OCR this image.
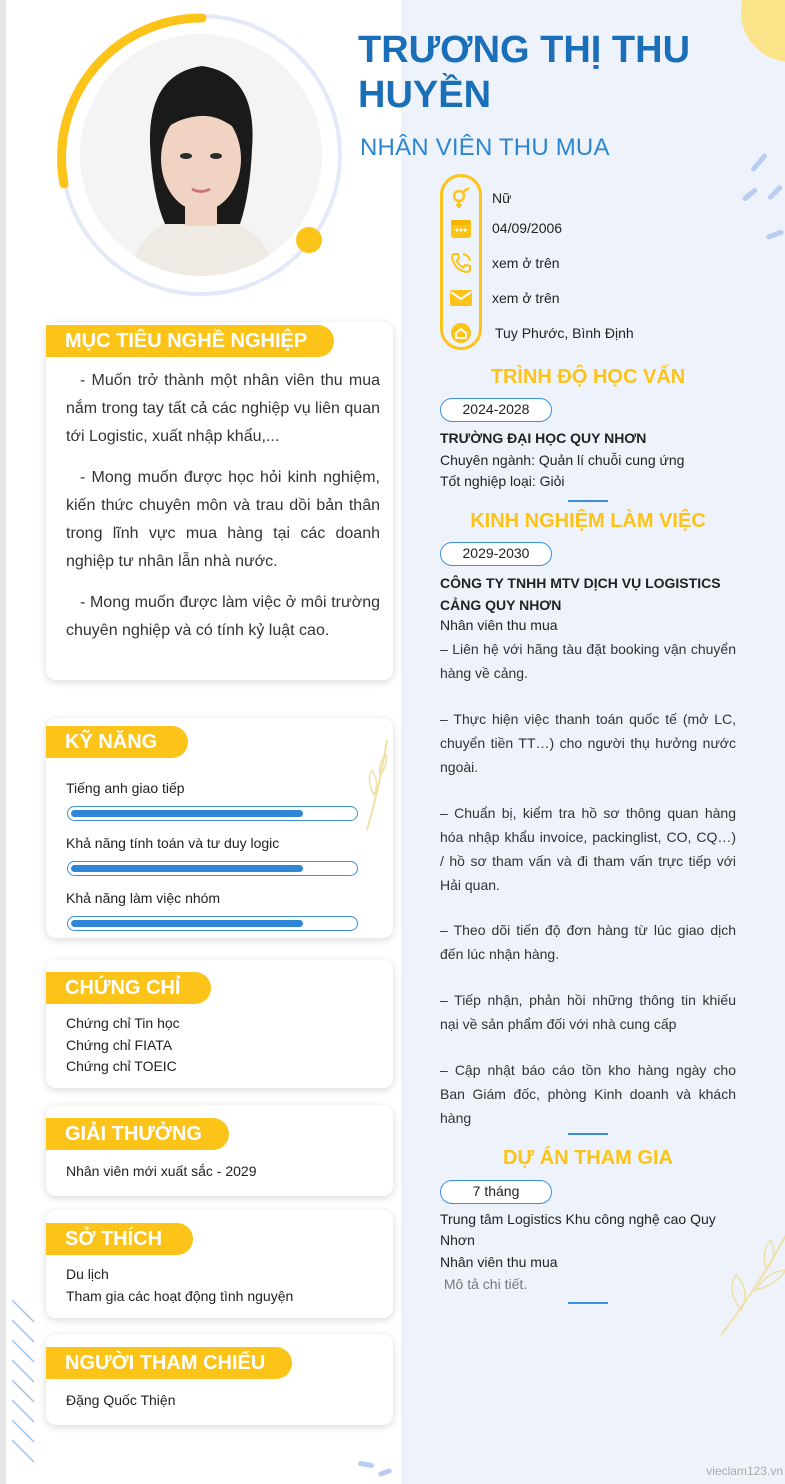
TRƯƠNG THỊ THU HUYỀN
NHÂN VIÊN THU MUA
Nữ
04/09/2006
xem ở trên
xem ở trên
Tuy Phước, Bình Định

- Muốn trở thành một nhân viên thu mua nắm trong tay tất cả các nghiệp vụ liên quan tới Logistic, xuất nhập khẩu,...

- Mong muốn được học hỏi kinh nghiệm, kiến thức chuyên môn và trau dồi bản thân trong lĩnh vực mua hàng tại các doanh nghiệp tư nhân lẫn nhà nước.

- Mong muốn được làm việc ở môi trường chuyên nghiệp và có tính kỷ luật cao.

MỤC TIÊU NGHỀ NGHIỆP
KỸ NĂNG
Tiếng anh giao tiếp
Khả năng tính toán và tư duy logic
Khả năng làm việc nhóm
CHỨNG CHỈ
Chứng chỉ Tin học
Chứng chỉ FIATA
Chứng chỉ TOEIC
GIẢI THƯỞNG
Nhân viên mới xuất sắc - 2029
SỞ THÍCH
Du lịch
Tham gia các hoạt động tình nguyện
NGƯỜI THAM CHIẾU
Đặng Quốc Thiện
TRÌNH ĐỘ HỌC VẤN
2024-2028
TRƯỜNG ĐẠI HỌC QUY NHƠN
Chuyên ngành: Quản lí chuỗi cung ứng
Tốt nghiệp loại: Giỏi
KINH NGHIỆM LÀM VIỆC
2029-2030
CÔNG TY TNHH MTV DỊCH VỤ LOGISTICS CẢNG QUY NHƠN
Nhân viên thu mua
– Liên hệ với hãng tàu đặt booking vận chuyển hàng về cảng.
– Thực hiện việc thanh toán quốc tế (mở LC, chuyển tiền TT…) cho người thụ hưởng nước ngoài.
– Chuẩn bị, kiểm tra hồ sơ thông quan hàng hóa nhập khẩu invoice, packinglist, CO, CQ…) / hồ sơ tham vấn và đi tham vấn trực tiếp với Hải quan.
– Theo dõi tiến độ đơn hàng từ lúc giao dịch đến lúc nhận hàng.
– Tiếp nhận, phản hồi những thông tin khiếu nại về sản phẩm đối với nhà cung cấp
– Cập nhật báo cáo tồn kho hàng ngày cho Ban Giám đốc, phòng Kinh doanh và khách hàng
DỰ ÁN THAM GIA
7 tháng
Trung tâm Logistics Khu công nghệ cao Quy Nhơn
Nhân viên thu mua
Mô tả chi tiết.
vieclam123.vn
